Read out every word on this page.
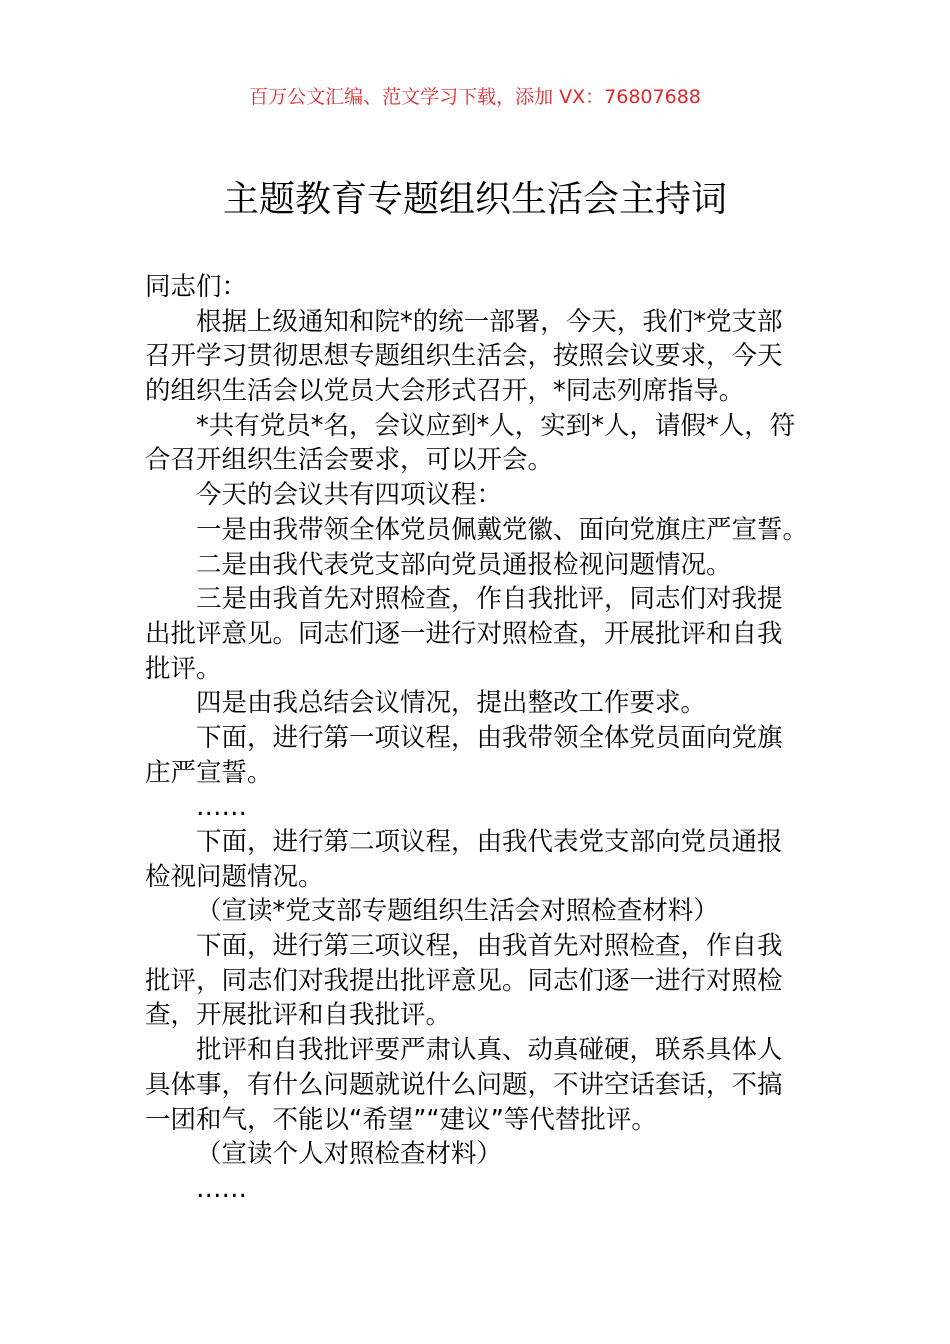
百万公文汇编、范文学习下载，添加 VX：76807688
主题教育专题组织生活会主持词
同志们：
根据上级通知和院*的统一部署，今天，我们*党支部
召开学习贯彻思想专题组织生活会，按照会议要求，今天
的组织生活会以党员大会形式召开，*同志列席指导。
*共有党员*名，会议应到*人，实到*人，请假*人，符
合召开组织生活会要求，可以开会。
今天的会议共有四项议程：
一是由我带领全体党员佩戴党徽、面向党旗庄严宣誓。
二是由我代表党支部向党员通报检视问题情况。
三是由我首先对照检查，作自我批评，同志们对我提
出批评意见。同志们逐一进行对照检查，开展批评和自我
批评。
四是由我总结会议情况，提出整改工作要求。
下面，进行第一项议程，由我带领全体党员面向党旗
庄严宣誓。
……
下面，进行第二项议程，由我代表党支部向党员通报
检视问题情况。
（宣读*党支部专题组织生活会对照检查材料）
下面，进行第三项议程，由我首先对照检查，作自我
批评，同志们对我提出批评意见。同志们逐一进行对照检
查，开展批评和自我批评。
批评和自我批评要严肃认真、动真碰硬，联系具体人
具体事，有什么问题就说什么问题，不讲空话套话，不搞
一团和气，不能以“希望”“建议”等代替批评。
（宣读个人对照检查材料）
……
